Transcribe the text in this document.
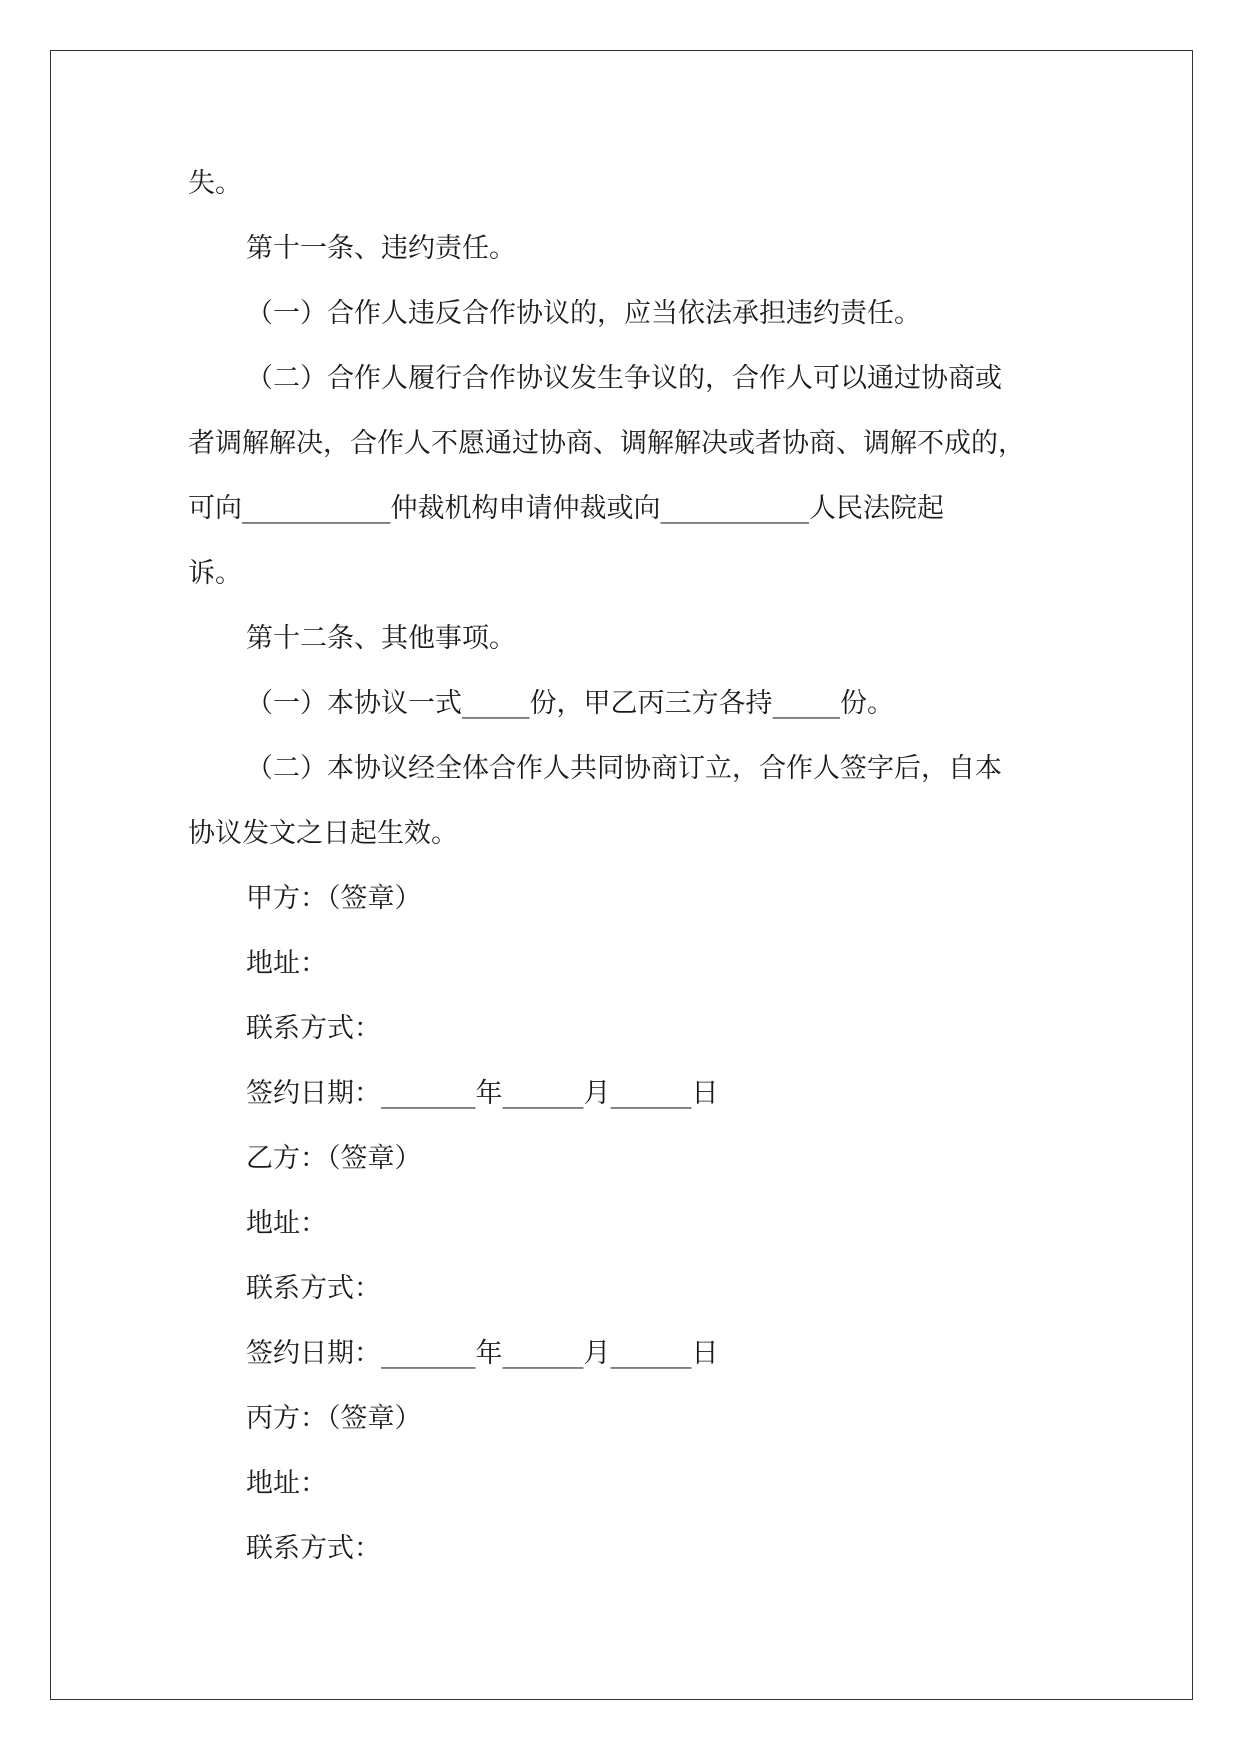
失。
第十一条、违约责任。
（一）合作人违反合作协议的，应当依法承担违约责任。
（二）合作人履行合作协议发生争议的，合作人可以通过协商或
者调解解决，合作人不愿通过协商、调解解决或者协商、调解不成的，
可向___________仲裁机构申请仲裁或向___________人民法院起
诉。
第十二条、其他事项。
（一）本协议一式_____份，甲乙丙三方各持_____份。
（二）本协议经全体合作人共同协商订立，合作人签字后，自本
协议发文之日起生效。
甲方：（签章）
地址：
联系方式：
签约日期：_______年______月______日
乙方：（签章）
地址：
联系方式：
签约日期：_______年______月______日
丙方：（签章）
地址：
联系方式：
